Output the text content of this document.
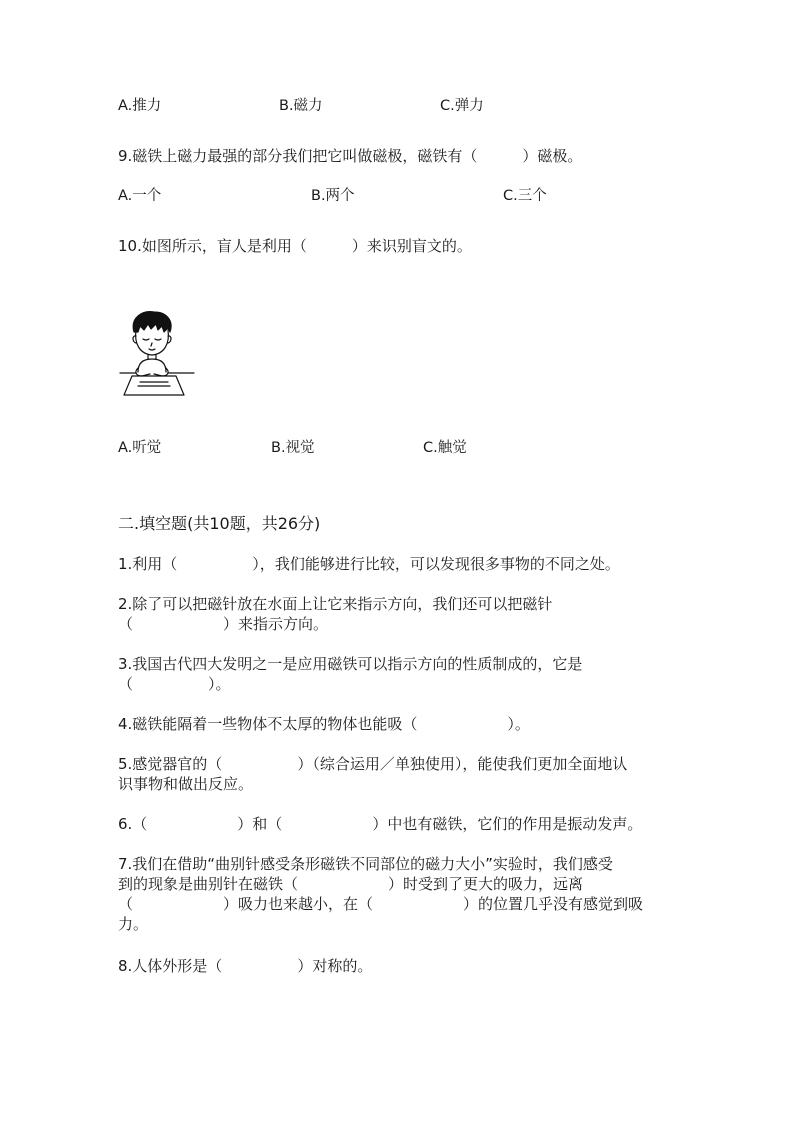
A.推力	B.磁力	C.弹力
9.磁铁上磁力最强的部分我们把它叫做磁极，磁铁有（　　　）磁极。
A.一个	B.两个	C.三个
10.如图所示，盲人是利用（　　　）来识别盲文的。
A.听觉	B.视觉	C.触觉
二.填空题(共10题，共26分)
1.利用（　　　　　），我们能够进行比较，可以发现很多事物的不同之处。
2.除了可以把磁针放在水面上让它来指示方向，我们还可以把磁针
（　　　　　　）来指示方向。
3.我国古代四大发明之一是应用磁铁可以指示方向的性质制成的，它是
（　　　　　）。
4.磁铁能隔着一些物体不太厚的物体也能吸（　　　　　　）。
5.感觉器官的（　　　　　）（综合运用／单独使用），能使我们更加全面地认
识事物和做出反应。
6.（　　　　　　）和（　　　　　　）中也有磁铁，它们的作用是振动发声。
7.我们在借助“曲别针感受条形磁铁不同部位的磁力大小”实验时，我们感受
到的现象是曲别针在磁铁（　　　　　　）时受到了更大的吸力，远离
（　　　　　　）吸力也来越小，在（　　　　　　）的位置几乎没有感觉到吸
力。
8.人体外形是（　　　　　）对称的。
